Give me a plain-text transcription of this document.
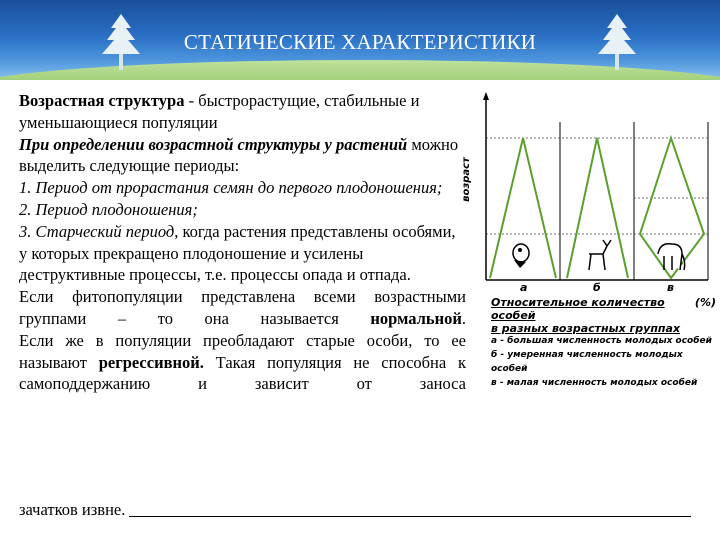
СТАТИЧЕСКИЕ ХАРАКТЕРИСТИКИ

Возрастная структура - быстрорастущие, стабильные и уменьшающиеся популяции

При определении возрастной структуры у растений можно выделить следующие периоды:

1. Период от прорастания семян до первого плодоношения;

2. Период плодоношения;

3. Старческий период, когда растения представлены особями, у которых прекращено плодоношение и усилены деструктивные процессы, т.е. процессы опада и отпада.

Если фитопопуляции представлена всеми возрастными группами – то она называется нормальной.

Если же в популяции преобладают старые особи, то ее называют регрессивной. Такая популяция не способна к самоподдержанию и зависит от заноса

зачатков извне.
возраст
а	б	в
Относительное количество особей
(%)
в разных возрастных группах
а - большая численность молодых особей
б - умеренная численность молодых особей
в - малая численность молодых особей
